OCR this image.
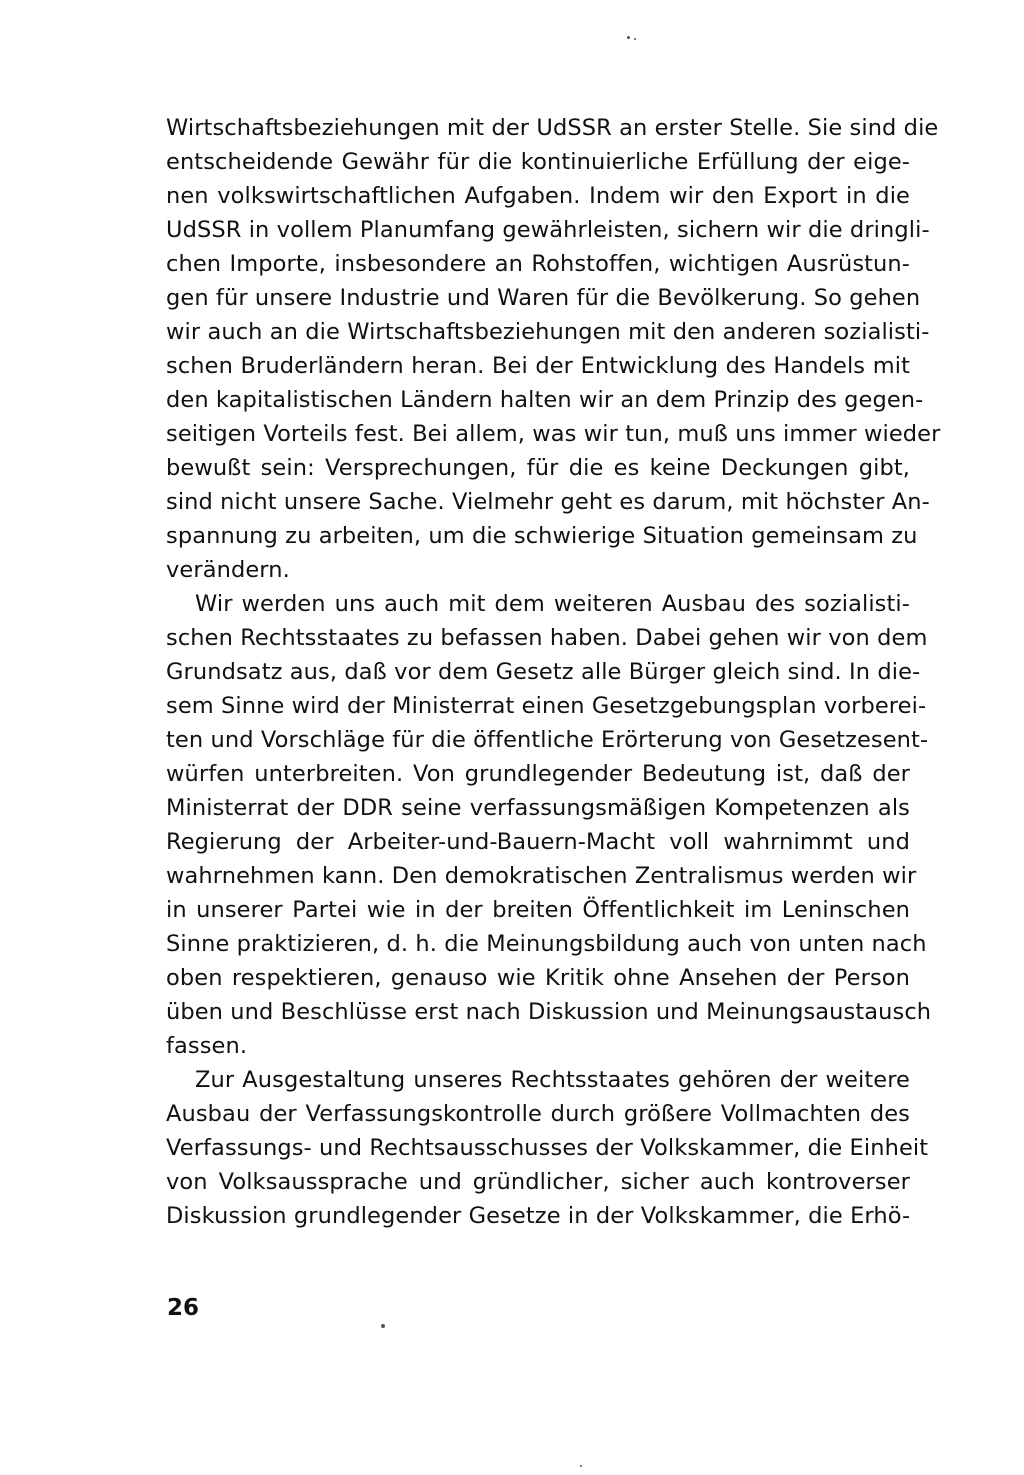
Wirtschaftsbeziehungen mit der UdSSR an erster Stelle. Sie sind die
entscheidende Gewähr für die kontinuierliche Erfüllung der eige-
nen volkswirtschaftlichen Aufgaben. Indem wir den Export in die
UdSSR in vollem Planumfang gewährleisten, sichern wir die dringli-
chen Importe, insbesondere an Rohstoffen, wichtigen Ausrüstun-
gen für unsere Industrie und Waren für die Bevölkerung. So gehen
wir auch an die Wirtschaftsbeziehungen mit den anderen sozialisti-
schen Bruderländern heran. Bei der Entwicklung des Handels mit
den kapitalistischen Ländern halten wir an dem Prinzip des gegen-
seitigen Vorteils fest. Bei allem, was wir tun, muß uns immer wieder
bewußt sein: Versprechungen, für die es keine Deckungen gibt,
sind nicht unsere Sache. Vielmehr geht es darum, mit höchster An-
spannung zu arbeiten, um die schwierige Situation gemeinsam zu
verändern.
Wir werden uns auch mit dem weiteren Ausbau des sozialisti-
schen Rechtsstaates zu befassen haben. Dabei gehen wir von dem
Grundsatz aus, daß vor dem Gesetz alle Bürger gleich sind. In die-
sem Sinne wird der Ministerrat einen Gesetzgebungsplan vorberei-
ten und Vorschläge für die öffentliche Erörterung von Gesetzesent-
würfen unterbreiten. Von grundlegender Bedeutung ist, daß der
Ministerrat der DDR seine verfassungsmäßigen Kompetenzen als
Regierung der Arbeiter-und-Bauern-Macht voll wahrnimmt und
wahrnehmen kann. Den demokratischen Zentralismus werden wir
in unserer Partei wie in der breiten Öffentlichkeit im Leninschen
Sinne praktizieren, d. h. die Meinungsbildung auch von unten nach
oben respektieren, genauso wie Kritik ohne Ansehen der Person
üben und Beschlüsse erst nach Diskussion und Meinungsaustausch
fassen.
Zur Ausgestaltung unseres Rechtsstaates gehören der weitere
Ausbau der Verfassungskontrolle durch größere Vollmachten des
Verfassungs- und Rechtsausschusses der Volkskammer, die Einheit
von Volksaussprache und gründlicher, sicher auch kontroverser
Diskussion grundlegender Gesetze in der Volkskammer, die Erhö-
26
